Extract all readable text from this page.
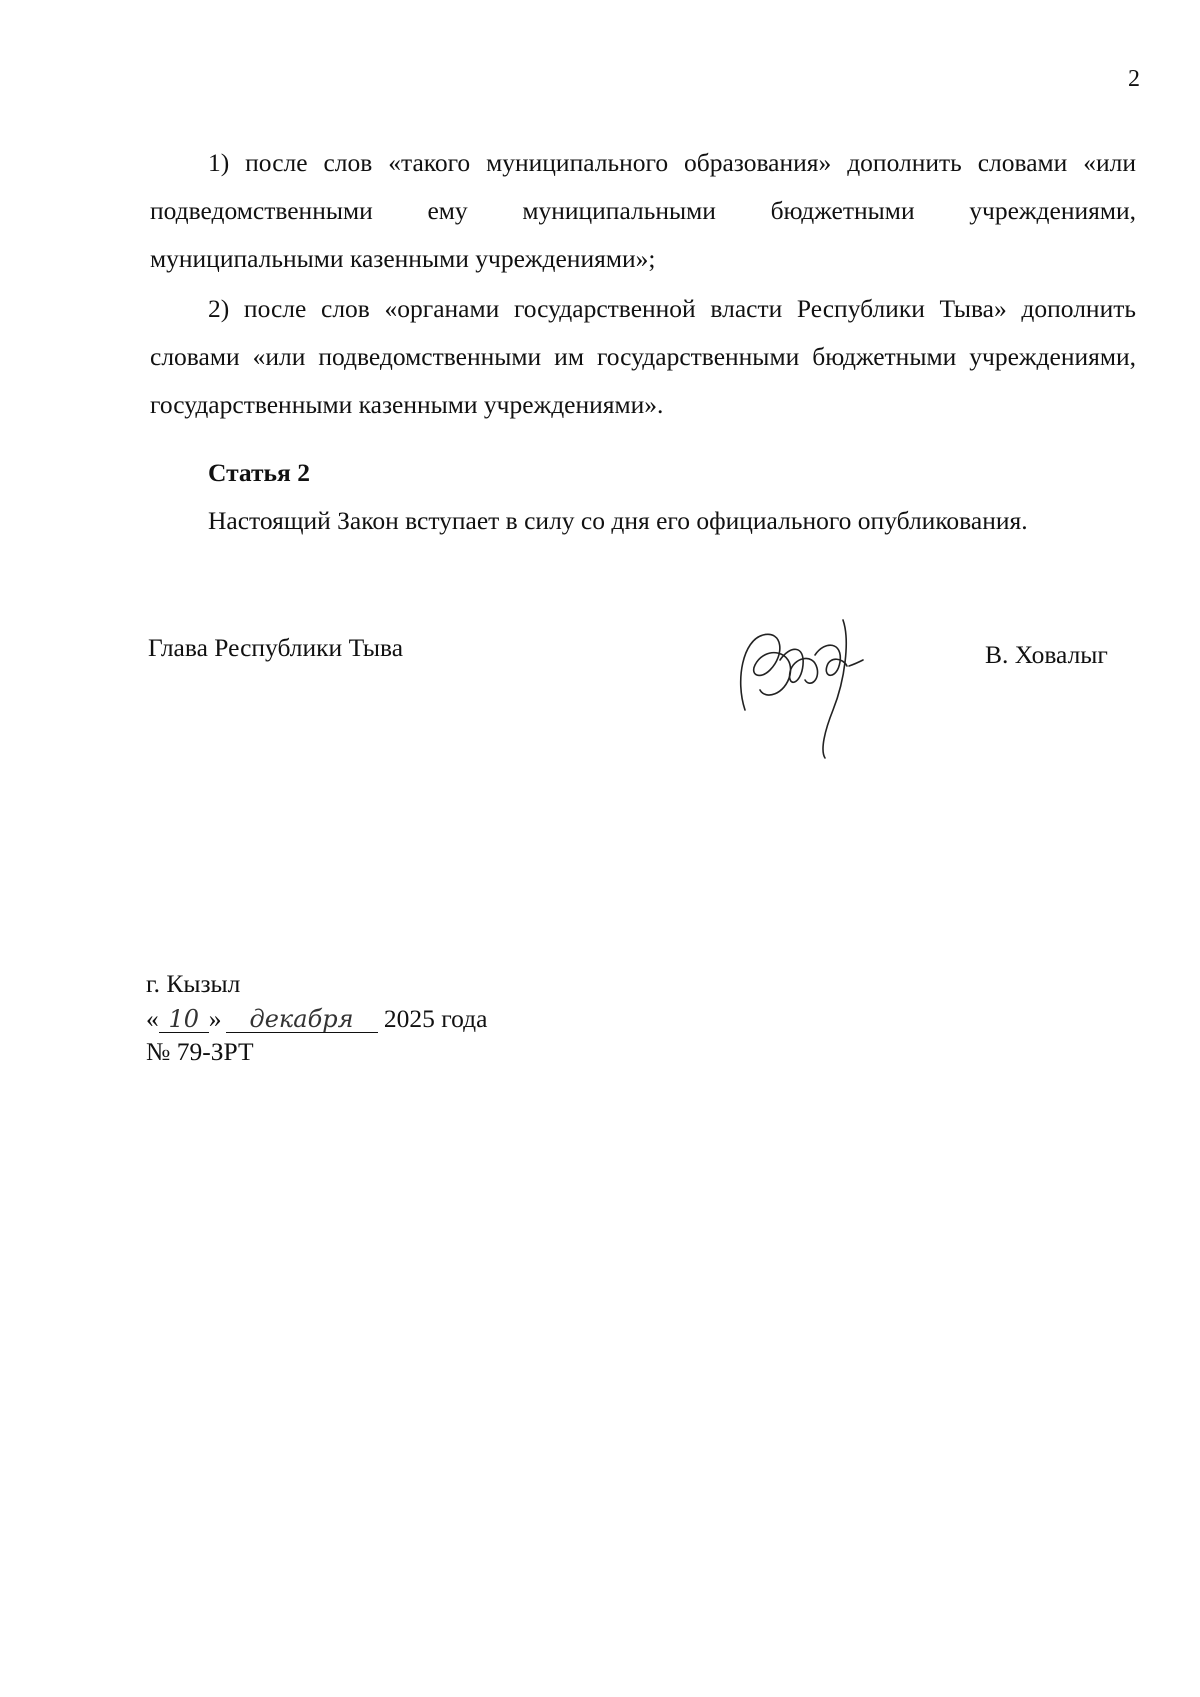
2

1) после слов «такого муниципального образования» дополнить словами «или подведомственными ему муниципальными бюджетными учреждениями, муниципальными казенными учреждениями»;

2) после слов «органами государственной власти Республики Тыва» дополнить словами «или подведомственными им государственными бюджетными учреждениями, государственными казенными учреждениями».

Статья 2
Настоящий Закон вступает в силу со дня его официального опубликования.
Глава Республики Тыва	В. Ховалыг
г. Кызыл
« 10 » декабря 2025 года
№ 79-ЗРТ
